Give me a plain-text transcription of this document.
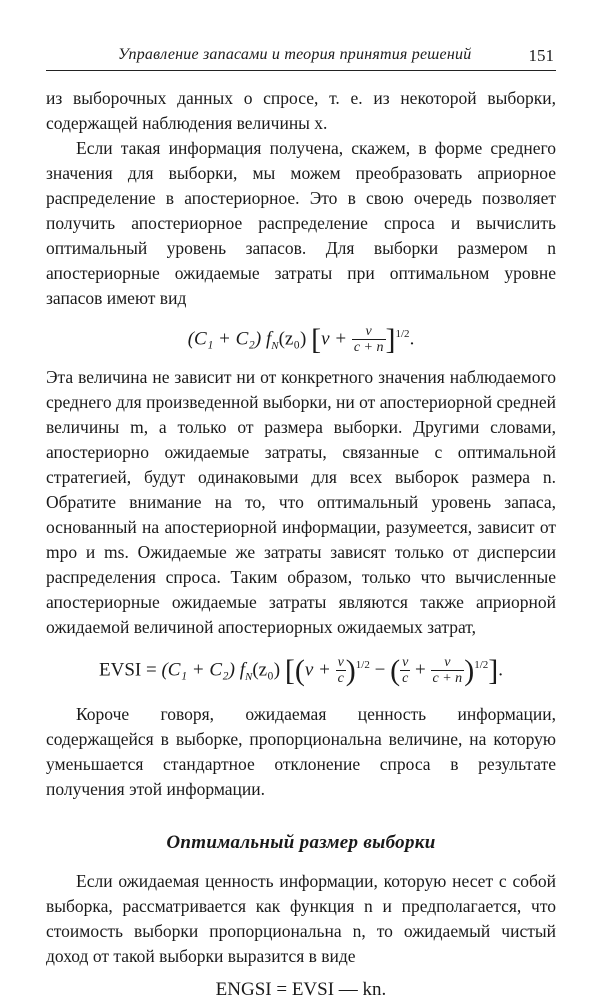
Управление запасами и теория принятия решений	151

из выборочных данных о спросе, т. е. из некоторой выборки, содержащей наблюдения величины x.

Если такая информация получена, скажем, в форме среднего значения для выборки, мы можем преобразовать априорное распределение в апостериорное. Это в свою очередь позволяет получить апостериорное распределение спроса и вычислить оптимальный уровень запасов. Для выборки размером n апостериорные ожидаемые затраты при оптимальном уровне запасов имеют вид

(C₁ + C₂) $f_N(z_0) [v + \frac{v}{c + n} ]^{1/2}$.

Эта величина не зависит ни от конкретного значения наблюдаемого среднего для произведенной выборки, ни от апостериорной средней величины m, а только от размера выборки. Другими словами, апостериорно ожидаемые затраты, связанные с оптимальной стратегией, будут одинаковыми для всех выборок размера n. Обратите внимание на то, что оптимальный уровень запаса, основанный на апостериорной информации, разумеется, зависит от mpo и ms. Ожидаемые же затраты зависят только от дисперсии распределения спроса. Таким образом, только что вычисленные апостериорные ожидаемые затраты являются также априорной ожидаемой величиной апостериорных ожидаемых затрат,

EVSI = (C₁ + C₂) $f_N(z_0) [(v + \frac{v}{c} )^{1/2}$ − ( $\frac{v}{c} + \frac{v}{c + n} )^{1/2}$].

Короче говоря, ожидаемая ценность информации, содержащейся в выборке, пропорциональна величине, на которую уменьшается стандартное отклонение спроса в результате получения этой информации.

Оптимальный размер выборки

Если ожидаемая ценность информации, которую несет с собой выборка, рассматривается как функция n и предполагается, что стоимость выборки пропорциональна n, то ожидаемый чистый доход от такой выборки выразится в виде

ENGSI = EVSI — kn.
